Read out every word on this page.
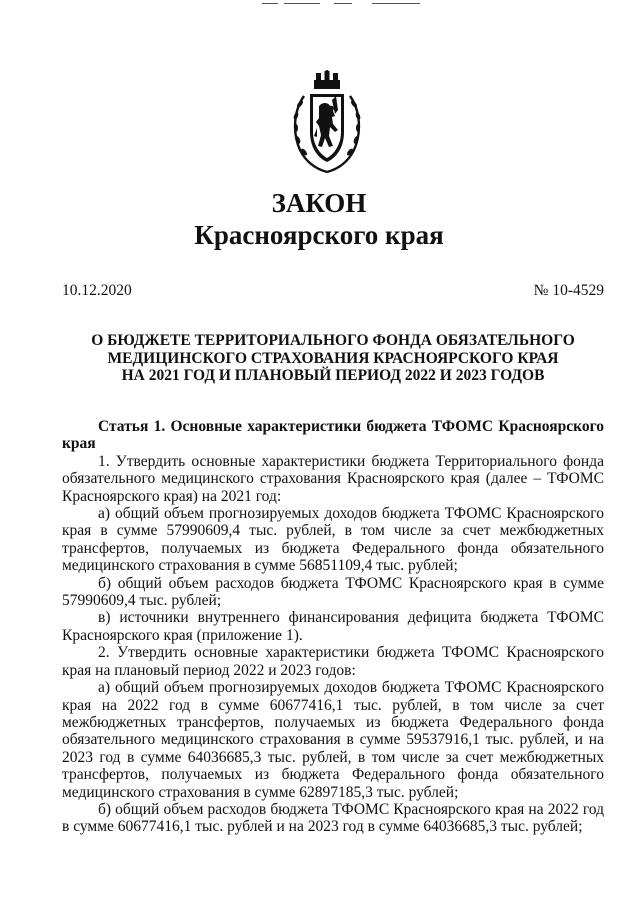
ЗАКОН
Красноярского края
10.12.2020	№ 10-4529
О БЮДЖЕТЕ ТЕРРИТОРИАЛЬНОГО ФОНДА ОБЯЗАТЕЛЬНОГО
МЕДИЦИНСКОГО СТРАХОВАНИЯ КРАСНОЯРСКОГО КРАЯ
НА 2021 ГОД И ПЛАНОВЫЙ ПЕРИОД 2022 И 2023 ГОДОВ

Статья 1. Основные характеристики бюджета ТФОМС Красноярского края

1. Утвердить основные характеристики бюджета Территориального фонда обязательного медицинского страхования Красноярского края (далее – ТФОМС Красноярского края) на 2021 год:

а) общий объем прогнозируемых доходов бюджета ТФОМС Красноярского края в сумме 57990609,4 тыс. рублей, в том числе за счет межбюджетных трансфертов, получаемых из бюджета Федерального фонда обязательного медицинского страхования в сумме 56851109,4 тыс. рублей;

б) общий объем расходов бюджета ТФОМС Красноярского края в сумме 57990609,4 тыс. рублей;

в) источники внутреннего финансирования дефицита бюджета ТФОМС Красноярского края (приложение 1).

2. Утвердить основные характеристики бюджета ТФОМС Красноярского края на плановый период 2022 и 2023 годов:

а) общий объем прогнозируемых доходов бюджета ТФОМС Красноярского края на 2022 год в сумме 60677416,1 тыс. рублей, в том числе за счет межбюджетных трансфертов, получаемых из бюджета Федерального фонда обязательного медицинского страхования в сумме 59537916,1 тыс. рублей, и на 2023 год в сумме 64036685,3 тыс. рублей, в том числе за счет межбюджетных трансфертов, получаемых из бюджета Федерального фонда обязательного медицинского страхования в сумме 62897185,3 тыс. рублей;

б) общий объем расходов бюджета ТФОМС Красноярского края на 2022 год в сумме 60677416,1 тыс. рублей и на 2023 год в сумме 64036685,3 тыс. рублей;
